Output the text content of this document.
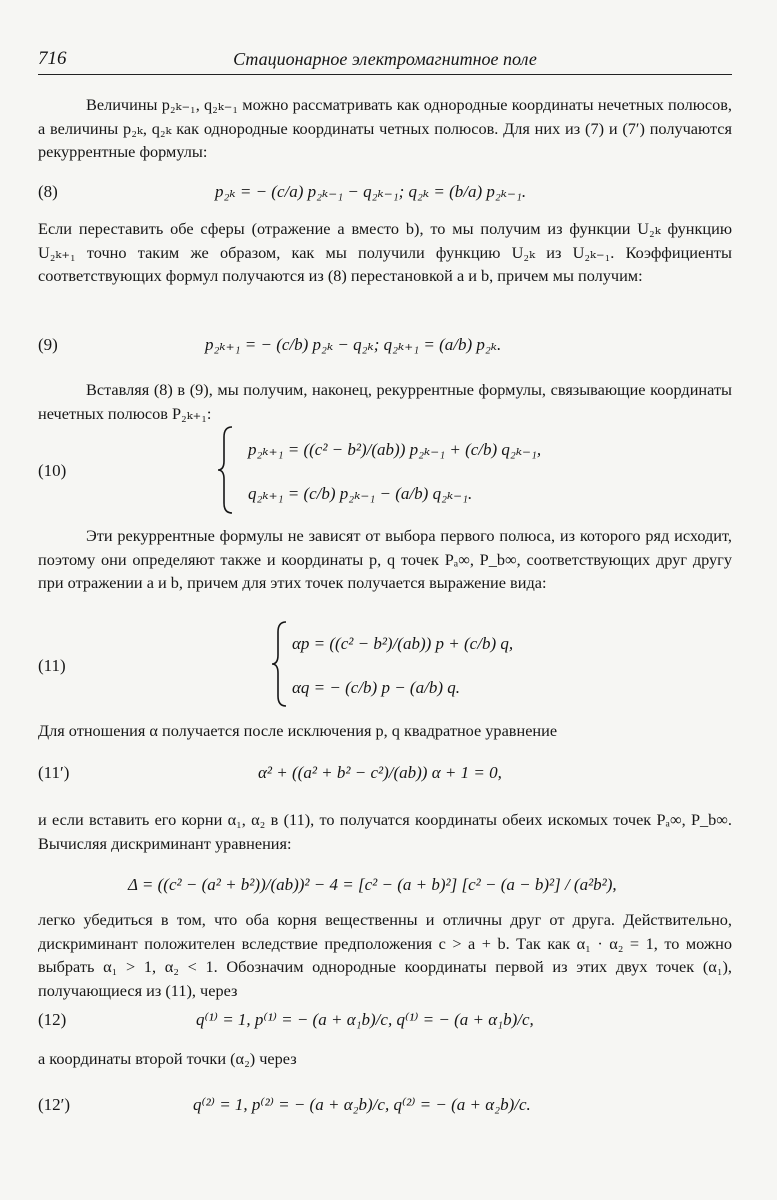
716	Стационарное электромагнитное поле

Величины p₂ₖ₋₁, q₂ₖ₋₁ можно рассматривать как однородные координаты нечетных полюсов, а величины p₂ₖ, q₂ₖ как однородные координаты четных полюсов. Для них из (7) и (7′) получаются рекуррентные формулы:

(8)	p₂ₖ = − (c/a) p₂ₖ₋₁ − q₂ₖ₋₁; q₂ₖ = (b/a) p₂ₖ₋₁.

Если переставить обе сферы (отражение a вместо b), то мы получим из функции U₂ₖ функцию U₂ₖ₊₁ точно таким же образом, как мы получили функцию U₂ₖ из U₂ₖ₋₁. Коэффициенты соответствующих формул получаются из (8) перестановкой a и b, причем мы получим:

(9)	p₂ₖ₊₁ = − (c/b) p₂ₖ − q₂ₖ; q₂ₖ₊₁ = (a/b) p₂ₖ.

Вставляя (8) в (9), мы получим, наконец, рекуррентные формулы, связывающие координаты нечетных полюсов P₂ₖ₊₁:

(10)
p₂ₖ₊₁ = ((c² − b²)/(ab)) p₂ₖ₋₁ + (c/b) q₂ₖ₋₁,
q₂ₖ₊₁ = (c/b) p₂ₖ₋₁ − (a/b) q₂ₖ₋₁.

Эти рекуррентные формулы не зависят от выбора первого полюса, из которого ряд исходит, поэтому они определяют также и координаты p, q точек Pₐ∞, P_b∞, соответствующих друг другу при отражении a и b, причем для этих точек получается выражение вида:

(11)
αp = ((c² − b²)/(ab)) p + (c/b) q,
αq = − (c/b) p − (a/b) q.

Для отношения α получается после исключения p, q квадратное уравнение

(11′)	α² + ((a² + b² − c²)/(ab)) α + 1 = 0,

и если вставить его корни α₁, α₂ в (11), то получатся координаты обеих искомых точек Pₐ∞, P_b∞. Вычисляя дискриминант уравнения:

Δ = ((c² − (a² + b²))/(ab))² − 4 = [c² − (a + b)²] [c² − (a − b)²] / (a²b²),

легко убедиться в том, что оба корня вещественны и отличны друг от друга. Действительно, дискриминант положителен вследствие предположения c > a + b. Так как α₁ · α₂ = 1, то можно выбрать α₁ > 1, α₂ < 1. Обозначим однородные координаты первой из этих двух точек (α₁), получающиеся из (11), через

(12)	q⁽¹⁾ = 1, p⁽¹⁾ = − (a + α₁b)/c, q⁽¹⁾ = − (a + α₁b)/c,

а координаты второй точки (α₂) через

(12′)	q⁽²⁾ = 1, p⁽²⁾ = − (a + α₂b)/c, q⁽²⁾ = − (a + α₂b)/c.
